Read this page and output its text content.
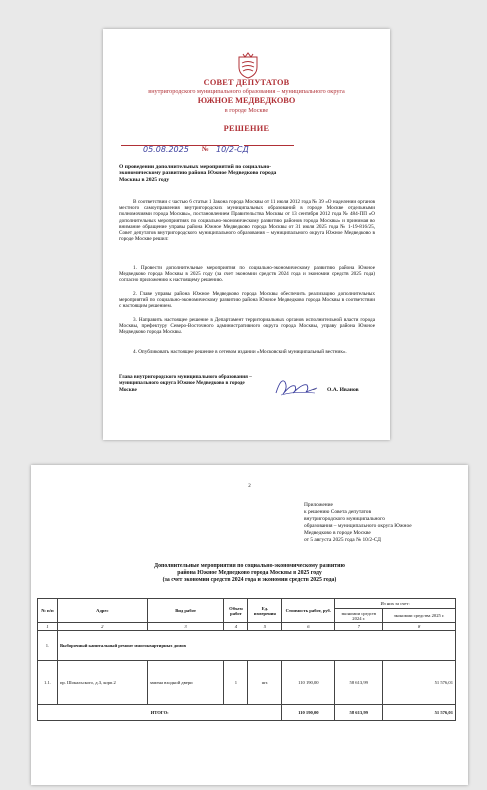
СОВЕТ ДЕПУТАТОВ
внутригородского муниципального образования – муниципального округа
ЮЖНОЕ МЕДВЕДКОВО
в городе Москве
РЕШЕНИЕ
05.08.2025 № 10/2-СД
О проведении дополнительных мероприятий по социально-экономическому развитию района Южное Медведково города Москвы в 2025 году
В соответствии с частью 6 статьи 1 Закона города Москвы от 11 июля 2012 года № 39 «О наделении органов местного самоуправления внутригородских муниципальных образований в городе Москве отдельными полномочиями города Москвы», постановлением Правительства Москвы от 13 сентября 2012 года № 484-ПП «О дополнительных мероприятиях по социально-экономическому развитию районов города Москвы» и принимая во внимание обращение управы района Южное Медведково города Москвы от 31 июля 2025 года № 1-19-816/25, Совет депутатов внутригородского муниципального образования – муниципального округа Южное Медведково в городе Москве решил:
1. Провести дополнительные мероприятия по социально-экономическому развитию района Южное Медведково города Москвы в 2025 году (за счет экономии средств 2024 года и экономии средств 2025 года) согласно приложению к настоящему решению.
2. Главе управы района Южное Медведково города Москвы обеспечить реализацию дополнительных мероприятий по социально-экономическому развитию района Южное Медведково города Москвы в соответствии с настоящим решением.
3. Направить настоящее решение в Департамент территориальных органов исполнительной власти города Москвы, префектуру Северо-Восточного административного округа города Москвы, управу района Южное Медведково города Москвы.
4. Опубликовать настоящее решение в сетевом издании «Московский муниципальный вестник».
Глава внутригородского муниципального образования – муниципального округа Южное Медведково в городе Москве	– О.А. Иванов
2
Приложение
к решению Совета депутатов
внутригородского муниципального
образования – муниципального округа Южное
Медведково в городе Москве
от 5 августа 2025 года № 10/2-СД
Дополнительные мероприятия по социально-экономическому развитию
района Южное Медведково города Москвы в 2025 году
(за счет экономии средств 2024 года и экономии средств 2025 года)
№ п/п	Адрес	Вид работ	Объем работ	Ед. измерения	Стоимость работ, руб.	Из них за счет:	
						экономии средств 2024 г.	экономии средства 2025 г.
1	2	3	4	5	6	7	8
1.	Выборочный капитальный ремонт многоквартирных домов						
1.1.	пр. Шокальского, д.3, корп.2	замена входной двери	1	шт.	110 190,00	58 613,99	51 576,01
ИТОГО:					110 190,00	58 613,99	51 576,01
